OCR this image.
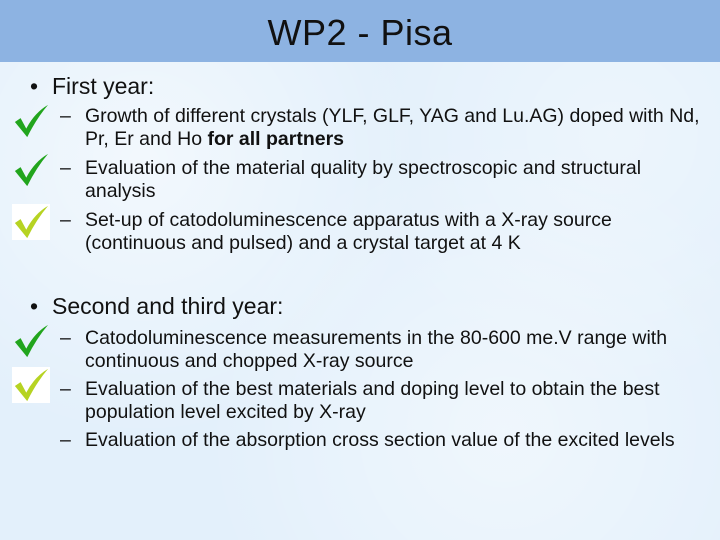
WP2 - Pisa
• First year:
– Growth of different crystals (YLF, GLF, YAG and Lu.AG) doped with Nd, Pr, Er and Ho for all partners
– Evaluation of the material quality by spectroscopic and structural analysis
– Set-up of catodoluminescence apparatus with a X-ray source (continuous and pulsed) and a crystal target at 4 K
• Second and third year:
– Catodoluminescence measurements in the 80-600 me.V range with continuous and chopped X-ray source
– Evaluation of the best materials and doping level to obtain the best population level excited by X-ray
– Evaluation of the absorption cross section value of the excited levels
